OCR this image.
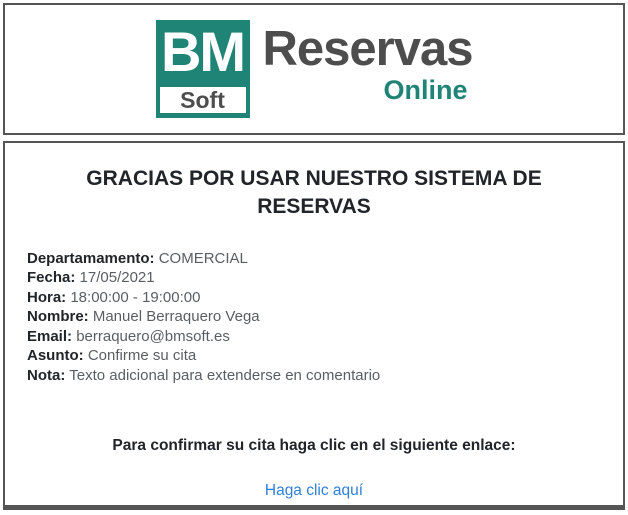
BM
Soft
Reservas
Online
GRACIAS POR USAR NUESTRO SISTEMA DE RESERVAS
Departamamento: COMERCIAL
Fecha: 17/05/2021
Hora: 18:00:00 - 19:00:00
Nombre: Manuel Berraquero Vega
Email: berraquero@bmsoft.es
Asunto: Confirme su cita
Nota: Texto adicional para extenderse en comentario
Para confirmar su cita haga clic en el siguiente enlace:
Haga clic aquí
